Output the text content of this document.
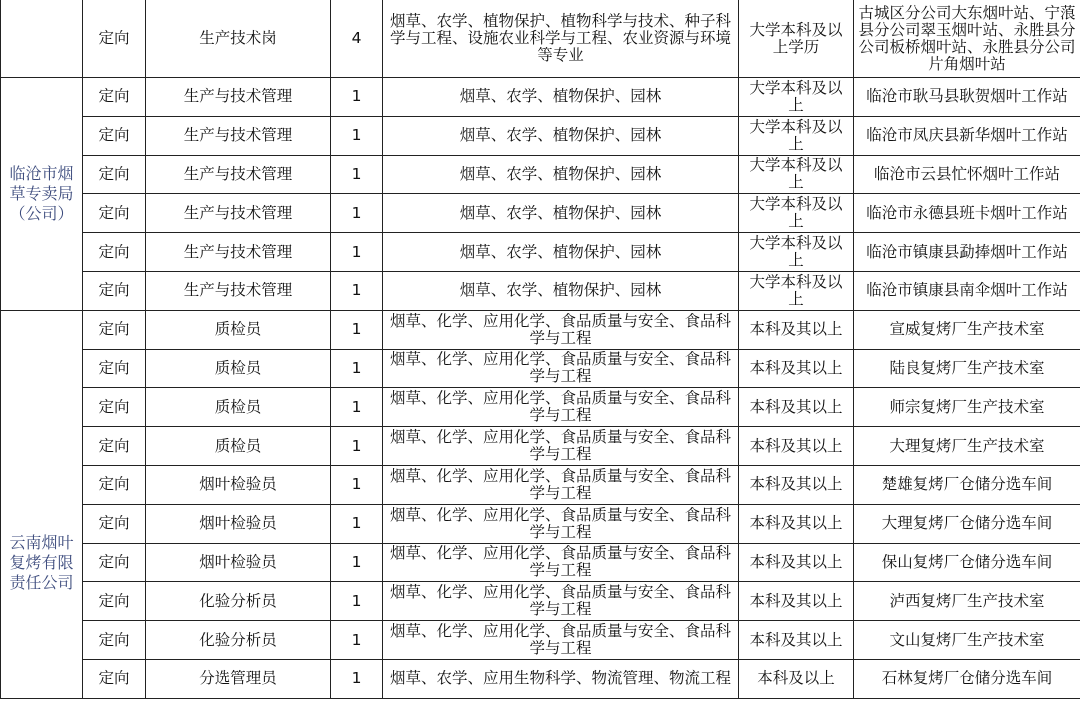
	定向	生产技术岗	4	烟草、农学、植物保护、植物科学与技术、种子科学与工程、设施农业科学与工程、农业资源与环境等专业	大学本科及以上学历	古城区分公司大东烟叶站、宁蒗县分公司翠玉烟叶站、永胜县分公司板桥烟叶站、永胜县分公司片角烟叶站
临沧市烟草专卖局（公司）	定向	生产与技术管理	1	烟草、农学、植物保护、园林	大学本科及以上	临沧市耿马县耿贺烟叶工作站
	定向	生产与技术管理	1	烟草、农学、植物保护、园林	大学本科及以上	临沧市凤庆县新华烟叶工作站
	定向	生产与技术管理	1	烟草、农学、植物保护、园林	大学本科及以上	临沧市云县忙怀烟叶工作站
	定向	生产与技术管理	1	烟草、农学、植物保护、园林	大学本科及以上	临沧市永德县班卡烟叶工作站
	定向	生产与技术管理	1	烟草、农学、植物保护、园林	大学本科及以上	临沧市镇康县勐捧烟叶工作站
	定向	生产与技术管理	1	烟草、农学、植物保护、园林	大学本科及以上	临沧市镇康县南伞烟叶工作站
云南烟叶复烤有限责任公司	定向	质检员	1	烟草、化学、应用化学、食品质量与安全、食品科学与工程	本科及其以上	宣威复烤厂生产技术室
	定向	质检员	1	烟草、化学、应用化学、食品质量与安全、食品科学与工程	本科及其以上	陆良复烤厂生产技术室
	定向	质检员	1	烟草、化学、应用化学、食品质量与安全、食品科学与工程	本科及其以上	师宗复烤厂生产技术室
	定向	质检员	1	烟草、化学、应用化学、食品质量与安全、食品科学与工程	本科及其以上	大理复烤厂生产技术室
	定向	烟叶检验员	1	烟草、化学、应用化学、食品质量与安全、食品科学与工程	本科及其以上	楚雄复烤厂仓储分选车间
	定向	烟叶检验员	1	烟草、化学、应用化学、食品质量与安全、食品科学与工程	本科及其以上	大理复烤厂仓储分选车间
	定向	烟叶检验员	1	烟草、化学、应用化学、食品质量与安全、食品科学与工程	本科及其以上	保山复烤厂仓储分选车间
	定向	化验分析员	1	烟草、化学、应用化学、食品质量与安全、食品科学与工程	本科及其以上	泸西复烤厂生产技术室
	定向	化验分析员	1	烟草、化学、应用化学、食品质量与安全、食品科学与工程	本科及其以上	文山复烤厂生产技术室
	定向	分选管理员	1	烟草、农学、应用生物科学、物流管理、物流工程	本科及以上	石林复烤厂仓储分选车间
